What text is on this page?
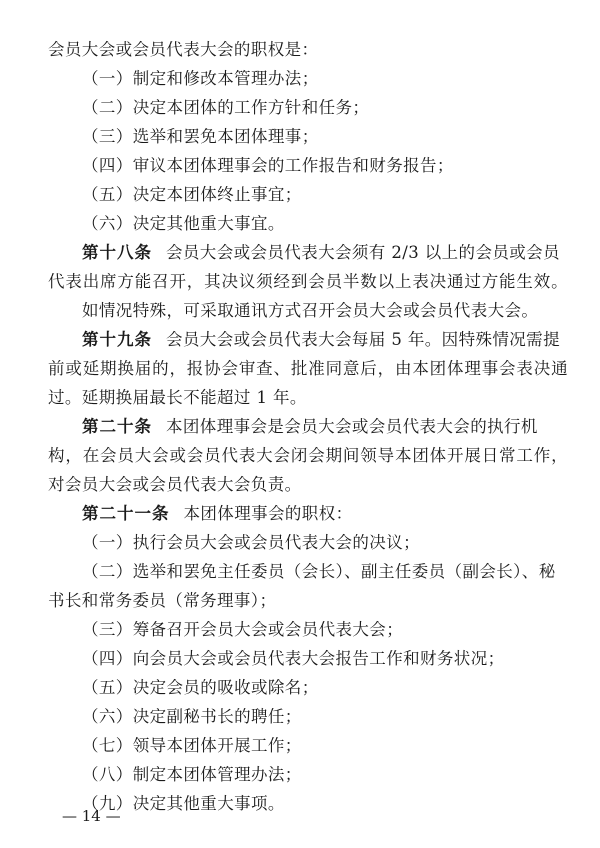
会员大会或会员代表大会的职权是：
（一）制定和修改本管理办法；
（二）决定本团体的工作方针和任务；
（三）选举和罢免本团体理事；
（四）审议本团体理事会的工作报告和财务报告；
（五）决定本团体终止事宜；
（六）决定其他重大事宜。
第十八条 会员大会或会员代表大会须有 2/3 以上的会员或会员
代表出席方能召开，其决议须经到会员半数以上表决通过方能生效。
如情况特殊，可采取通讯方式召开会员大会或会员代表大会。
第十九条 会员大会或会员代表大会每届 5 年。因特殊情况需提
前或延期换届的，报协会审查、批准同意后，由本团体理事会表决通
过。延期换届最长不能超过 1 年。
第二十条 本团体理事会是会员大会或会员代表大会的执行机
构，在会员大会或会员代表大会闭会期间领导本团体开展日常工作，
对会员大会或会员代表大会负责。
第二十一条 本团体理事会的职权：
（一）执行会员大会或会员代表大会的决议；
（二）选举和罢免主任委员（会长）、副主任委员（副会长）、秘
书长和常务委员（常务理事）；
（三）筹备召开会员大会或会员代表大会；
（四）向会员大会或会员代表大会报告工作和财务状况；
（五）决定会员的吸收或除名；
（六）决定副秘书长的聘任；
（七）领导本团体开展工作；
（八）制定本团体管理办法；
（九）决定其他重大事项。
— 14 —
